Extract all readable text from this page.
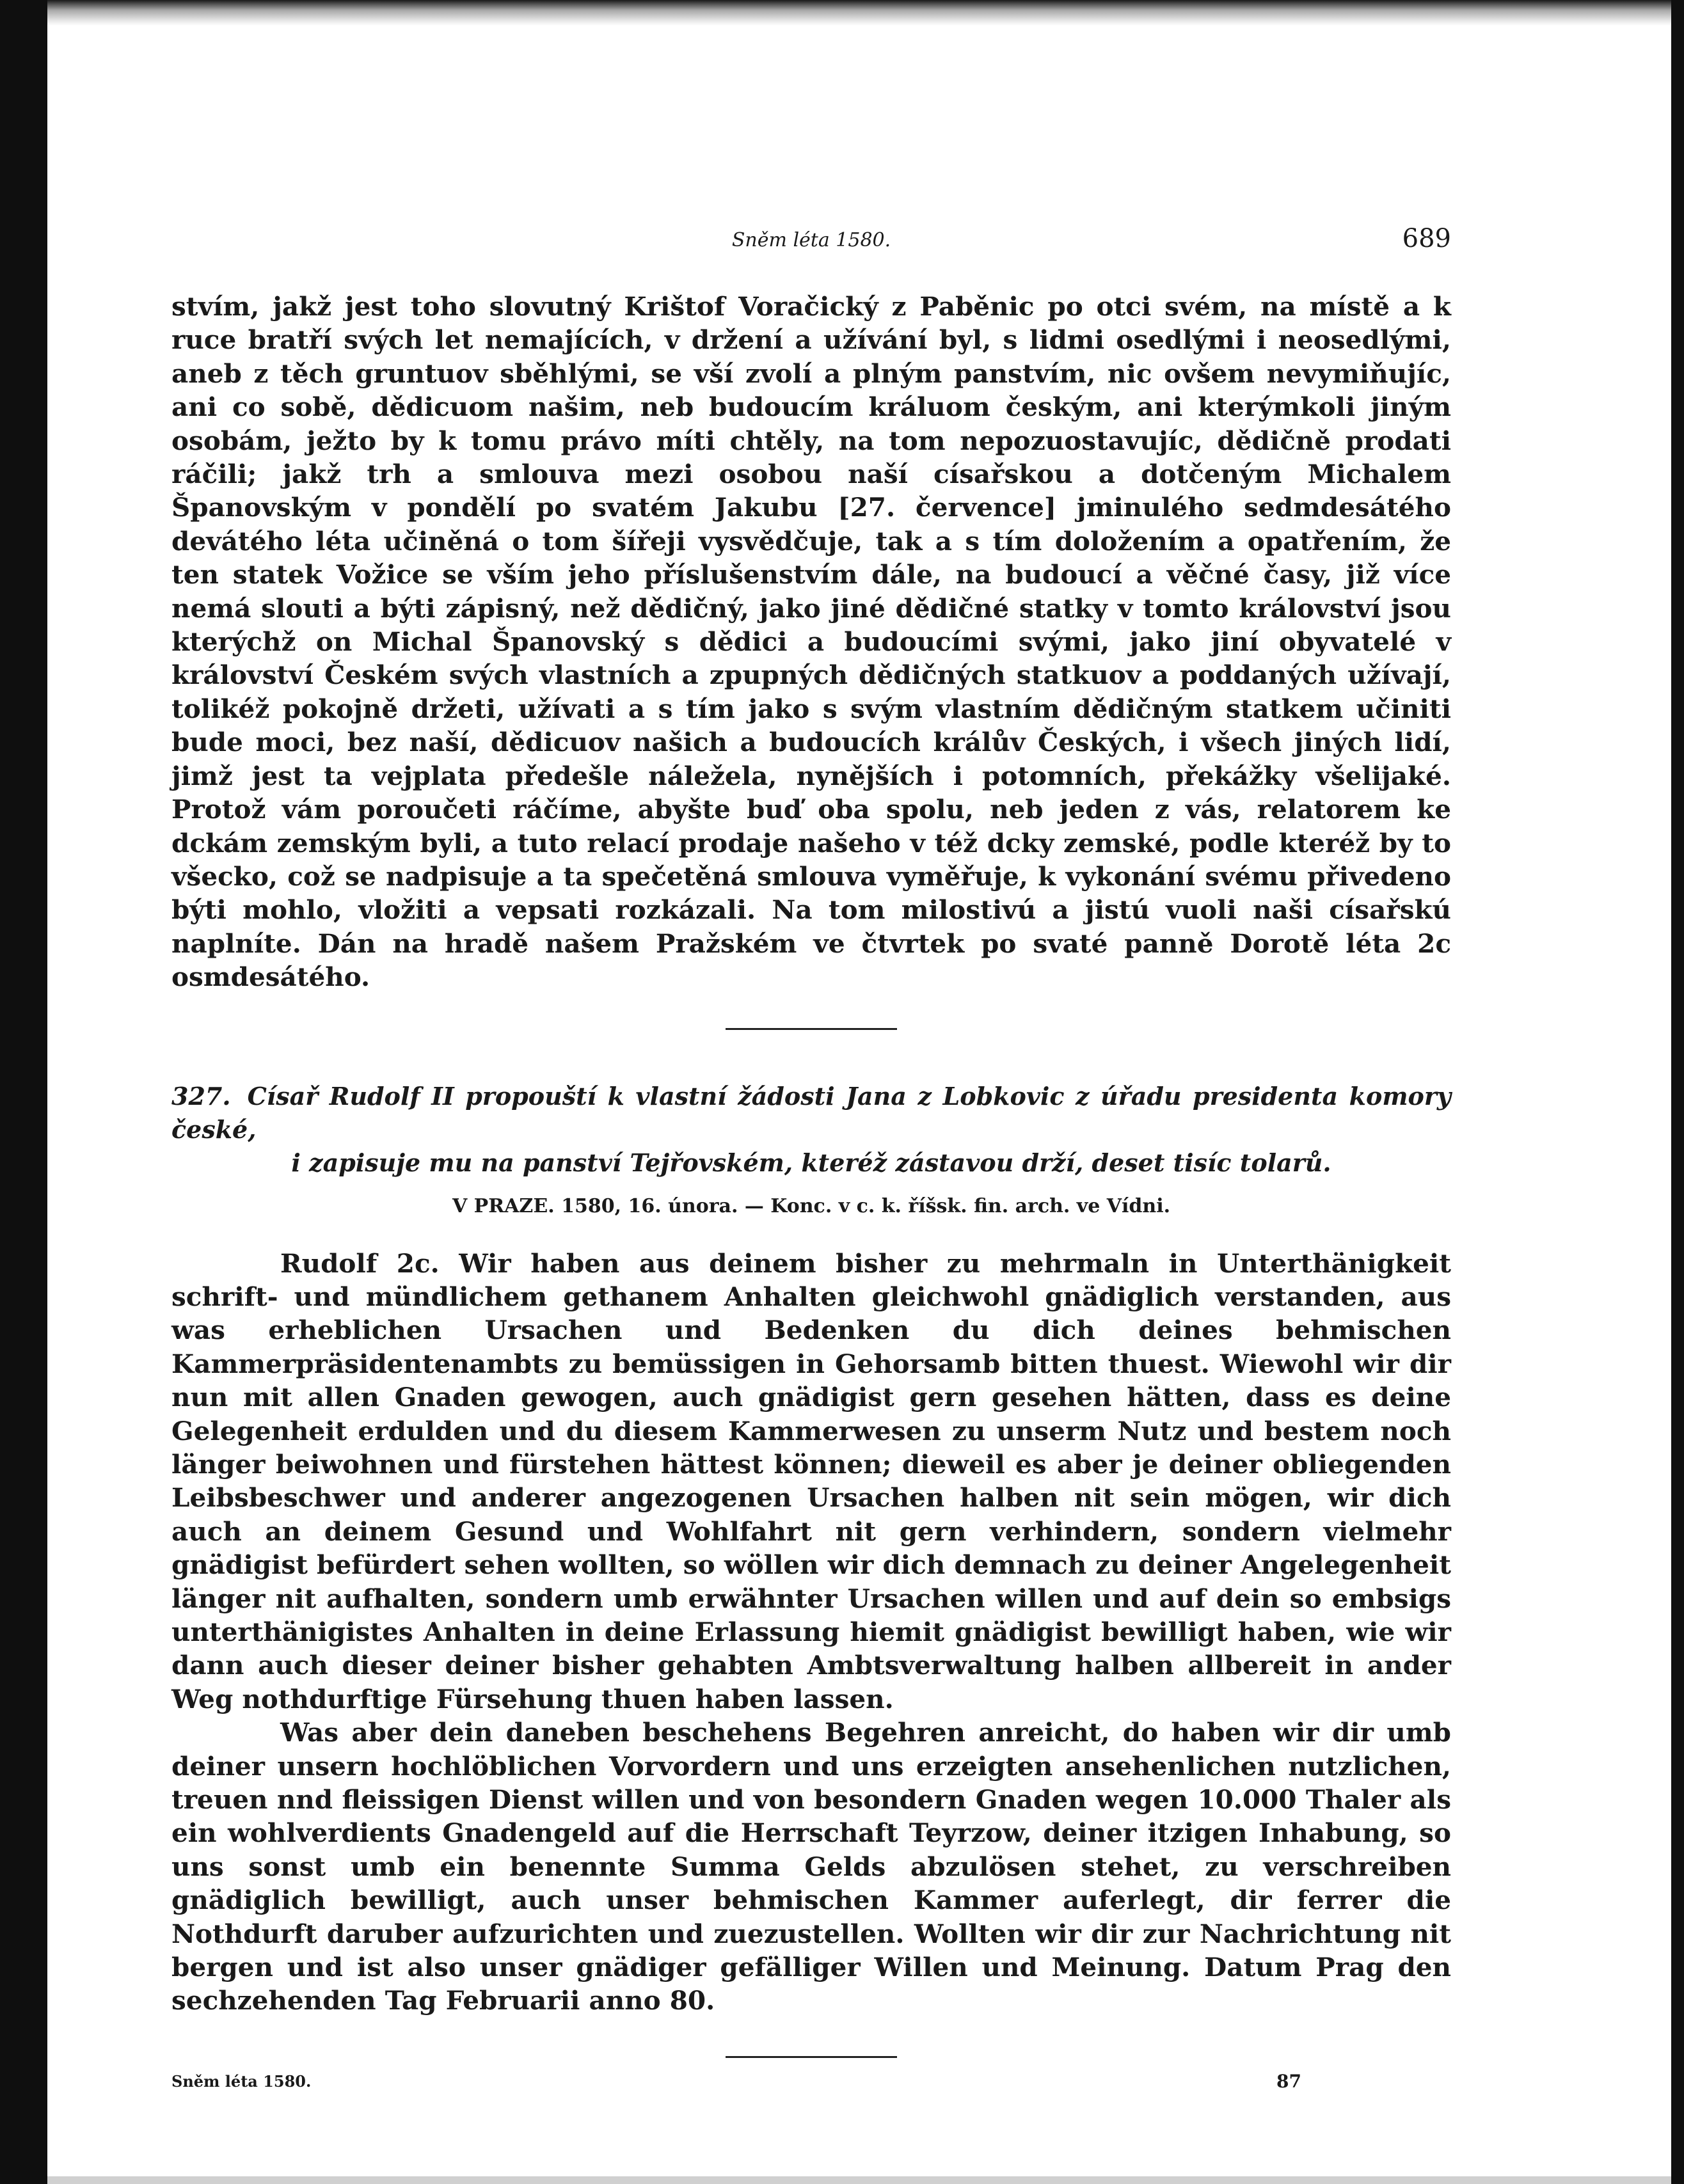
Sněm léta 1580.	689

stvím, jakž jest toho slovutný Krištof Voračický z Paběnic po otci svém, na místě a k ruce bratří svých let nemajících, v držení a užívání byl, s lidmi osedlými i neosedlými, aneb z těch gruntuov sběhlými, se vší zvolí a plným panstvím, nic ovšem nevymiňujíc, ani co sobě, dědicuom našim, neb budoucím králuom českým, ani kterýmkoli jiným osobám, ježto by k tomu právo míti chtěly, na tom nepozuostavujíc, dědičně prodati ráčili; jakž trh a smlouva mezi osobou naší císařskou a dotčeným Michalem Španovským v pondělí po svatém Jakubu [27. července] jminulého sedmdesátého devátého léta učiněná o tom šířeji vysvědčuje, tak a s tím doložením a opatřením, že ten statek Vožice se vším jeho příslušenstvím dále, na budoucí a věčné časy, již více nemá slouti a býti zápisný, než dědičný, jako jiné dědičné statky v tomto království jsou kterýchž on Michal Španovský s dědici a budoucími svými, jako jiní obyvatelé v království Českém svých vlastních a zpupných dědičných statkuov a poddaných užívají, tolikéž pokojně držeti, užívati a s tím jako s svým vlastním dědičným statkem učiniti bude moci, bez naší, dědicuov našich a budoucích králův Českých, i všech jiných lidí, jimž jest ta vejplata předešle náležela, nynějších i potomních, překážky všelijaké. Protož vám poroučeti ráčíme, abyšte buď oba spolu, neb jeden z vás, relatorem ke dckám zemským byli, a tuto relací prodaje našeho v též dcky zemské, podle kteréž by to všecko, což se nadpisuje a ta spečetěná smlouva vyměřuje, k vykonání svému přivedeno býti mohlo, vložiti a vepsati rozkázali. Na tom milostivú a jistú vuoli naši císařskú naplníte. Dán na hradě našem Pražském ve čtvrtek po svaté panně Dorotě léta 2c osmdesátého.

327. Císař Rudolf II propouští k vlastní žádosti Jana z Lobkovic z úřadu presidenta komory české,
i zapisuje mu na panství Tejřovském, kteréž zástavou drží, deset tisíc tolarů.
V PRAZE. 1580, 16. února. — Konc. v c. k. říšsk. fin. arch. ve Vídni.

Rudolf 2c. Wir haben aus deinem bisher zu mehrmaln in Unterthänigkeit schrift- und mündlichem gethanem Anhalten gleichwohl gnädiglich verstanden, aus was erheblichen Ursachen und Bedenken du dich deines behmischen Kammerpräsidentenambts zu bemüssigen in Gehorsamb bitten thuest. Wiewohl wir dir nun mit allen Gnaden gewogen, auch gnädigist gern gesehen hätten, dass es deine Gelegenheit erdulden und du diesem Kammerwesen zu unserm Nutz und bestem noch länger beiwohnen und fürstehen hättest können; dieweil es aber je deiner obliegenden Leibsbeschwer und anderer angezogenen Ursachen halben nit sein mögen, wir dich auch an deinem Gesund und Wohlfahrt nit gern verhindern, sondern vielmehr gnädigist befürdert sehen wollten, so wöllen wir dich demnach zu deiner Angelegenheit länger nit aufhalten, sondern umb erwähnter Ursachen willen und auf dein so embsigs unterthänigistes Anhalten in deine Erlassung hiemit gnädigist bewilligt haben, wie wir dann auch dieser deiner bisher gehabten Ambtsverwaltung halben allbereit in ander Weg nothdurftige Fürsehung thuen haben lassen.

Was aber dein daneben beschehens Begehren anreicht, do haben wir dir umb deiner unsern hochlöblichen Vorvordern und uns erzeigten ansehenlichen nutzlichen, treuen nnd fleissigen Dienst willen und von besondern Gnaden wegen 10.000 Thaler als ein wohlverdients Gnadengeld auf die Herrschaft Teyrzow, deiner itzigen Inhabung, so uns sonst umb ein benennte Summa Gelds abzulösen stehet, zu verschreiben gnädiglich bewilligt, auch unser behmischen Kammer auferlegt, dir ferrer die Nothdurft daruber aufzurichten und zuezustellen. Wollten wir dir zur Nachrichtung nit bergen und ist also unser gnädiger gefälliger Willen und Meinung. Datum Prag den sechzehenden Tag Februarii anno 80.

Sněm léta 1580.	87
